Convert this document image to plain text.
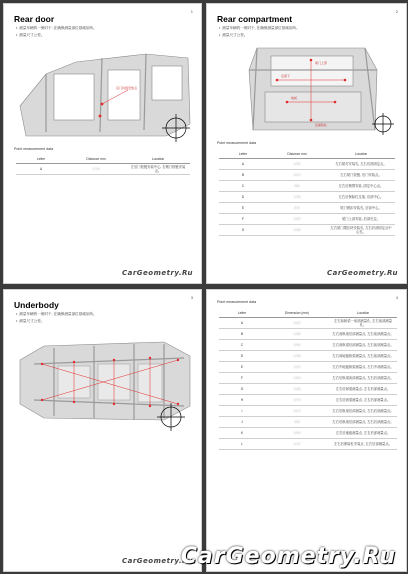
1
Rear door
• 测量车辆的一侧对于, 在确保测量部位基础如所。
• 测量尺寸公差。
后门铰链安装点
Point measurement data
Letter	Distance mm	Location
A	1234	左后门铰链安装中心, 右侧门铰链安装点。
CarGeometry.Ru
2
Rear compartment
• 测量车辆的一侧对于, 在确保测量部位基础如所。
• 测量尺寸公差。
尾门上部
后窗下
地板
后保险杠
Point measurement data
Letter	Distance mm	Location
A	1150	左右尾灯安装孔, 左右后部固定点。
B	1012	左右尾门铰链, 后门安装点。
C	986	左右后侧围安装, 固定中心点。
D	1245	左右后保险杠支架, 后部中心。
E	878	尾门锁扣安装孔, 后部中心。
F	1320	尾门上部安装, 后部孔位。
G	1096	左右尾门限位块安装孔, 左右后部固定点中心孔。
CarGeometry.Ru
3
Underbody
• 测量车辆的一侧对于, 在确保测量部位基础如所。
• 测量尺寸公差。
CarGeometry.Ru
4
Point measurement data
Letter	Dimension (mm)	Location
A	1432	左右前纵梁一前部测量孔, 左右前部测量孔。
B	1286	左右前纵梁后部测量点, 左右前部测量点。
C	1540	左右前纵梁后部测量点, 左右前部测量点。
D	1098	左右前地板纵梁测量点, 左右前部测量点。
E	1222	左右中地板纵梁测量点, 左右中部测量点。
F	1364	左右后纵梁前部测量点, 左右后部测量点。
G	1188	左右后纵梁测量点, 左右后部测量点。
H	1276	左右后纵梁测量点, 左右后部测量点。
I	1410	左右后纵梁后部测量点, 左右后部测量点。
J	996	左右后纵梁后部测量点, 左右后部测量点。
K	1054	左右后地板测量点, 左右后部测量点。
L	1120	左右后保险杠安装点, 左右后部测量点。
CarGeometry.Ru
